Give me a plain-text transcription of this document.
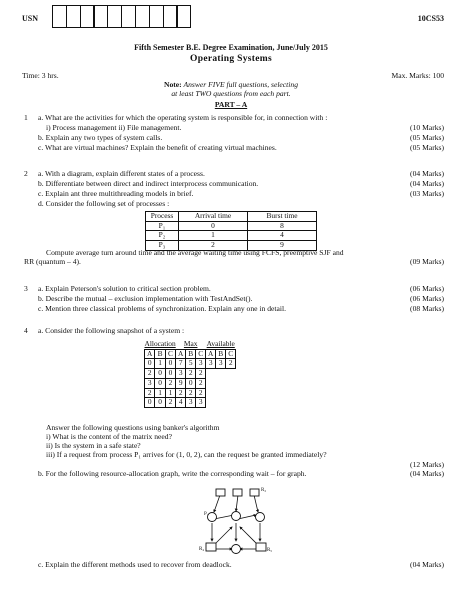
USN	10CS53
Fifth Semester B.E. Degree Examination, June/July 2015
Operating Systems
Time: 3 hrs.	Max. Marks: 100
Note: Answer FIVE full questions, selecting
at least TWO questions from each part.
PART – A
1 a. What are the activities for which the operating system is responsible for, in connection with :
i) Process management ii) File management.	(10 Marks)
b. Explain any two types of system calls.	(05 Marks)
c. What are virtual machines? Explain the benefit of creating virtual machines.	(05 Marks)
2 a. With a diagram, explain different states of a process.	(04 Marks)
b. Differentiate between direct and indirect interprocess communication.	(04 Marks)
c. Explain ant three multithreading models in brief.	(03 Marks)
d. Consider the following set of processes :
Compute average turn around time and the average waiting time using FCFS, preemptive SJF and
RR (quantum – 4).	(09 Marks)
Process	Arrival time	Burst time
P₁	0	8
P₂	1	4
P₃	2	9
3 a. Explain Peterson's solution to critical section problem.	(06 Marks)
b. Describe the mutual – exclusion implementation with TestAndSet().	(06 Marks)
c. Mention three classical problems of synchronization. Explain any one in detail.	(08 Marks)
4 a. Consider the following snapshot of a system :
Answer the following questions using banker's algorithm
i) What is the content of the matrix need?
ii) Is the system in a safe state?
iii) If a request from process P₁ arrives for (1, 0, 2), can the request be granted immediately?
(12 Marks)
b. For the following resource-allocation graph, write the corresponding wait – for graph.	(04 Marks)
c. Explain the different methods used to recover from deadlock.	(04 Marks)
Allocation			Max			Available		
A	B	C	A	B	C	A	B	C
0	1	0	7	5	3	3	3	2
2	0	0	3	2	2			
3	0	2	9	0	2			
2	1	1	2	2	2			
0	0	2	4	3	3			
P₁
R₄	R₅
R₂
